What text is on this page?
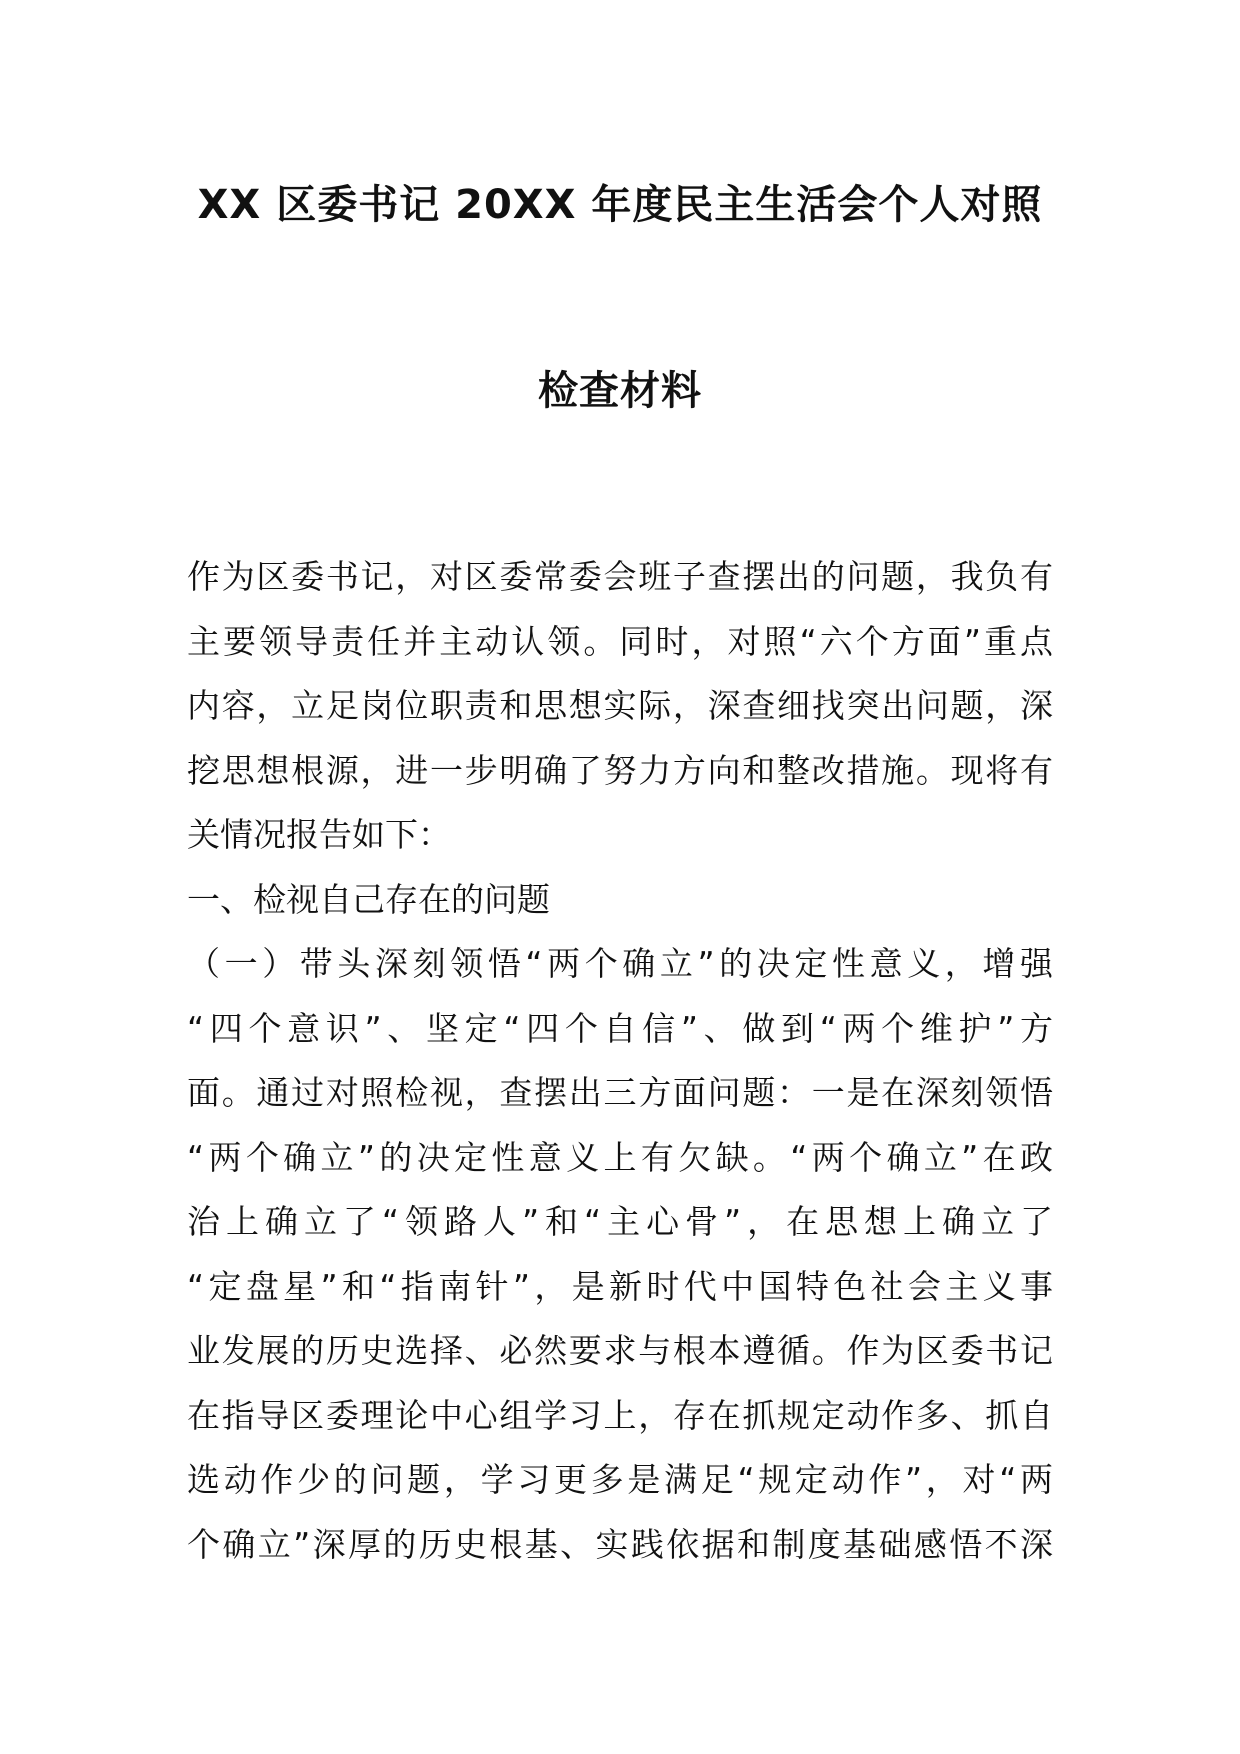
XX 区委书记 20XX 年度民主生活会个人对照
检查材料
作为区委书记，对区委常委会班子查摆出的问题，我负有
主要领导责任并主动认领。同时，对照“六个方面”重点
内容，立足岗位职责和思想实际，深查细找突出问题，深
挖思想根源，进一步明确了努力方向和整改措施。现将有
关情况报告如下：
一、检视自己存在的问题
（一）带头深刻领悟“两个确立”的决定性意义，增强
“四个意识”、坚定“四个自信”、做到“两个维护”方
面。通过对照检视，查摆出三方面问题：一是在深刻领悟
“两个确立”的决定性意义上有欠缺。“两个确立”在政
治上确立了“领路人”和“主心骨”，在思想上确立了
“定盘星”和“指南针”，是新时代中国特色社会主义事
业发展的历史选择、必然要求与根本遵循。作为区委书记
在指导区委理论中心组学习上，存在抓规定动作多、抓自
选动作少的问题，学习更多是满足“规定动作”，对“两
个确立”深厚的历史根基、实践依据和制度基础感悟不深
